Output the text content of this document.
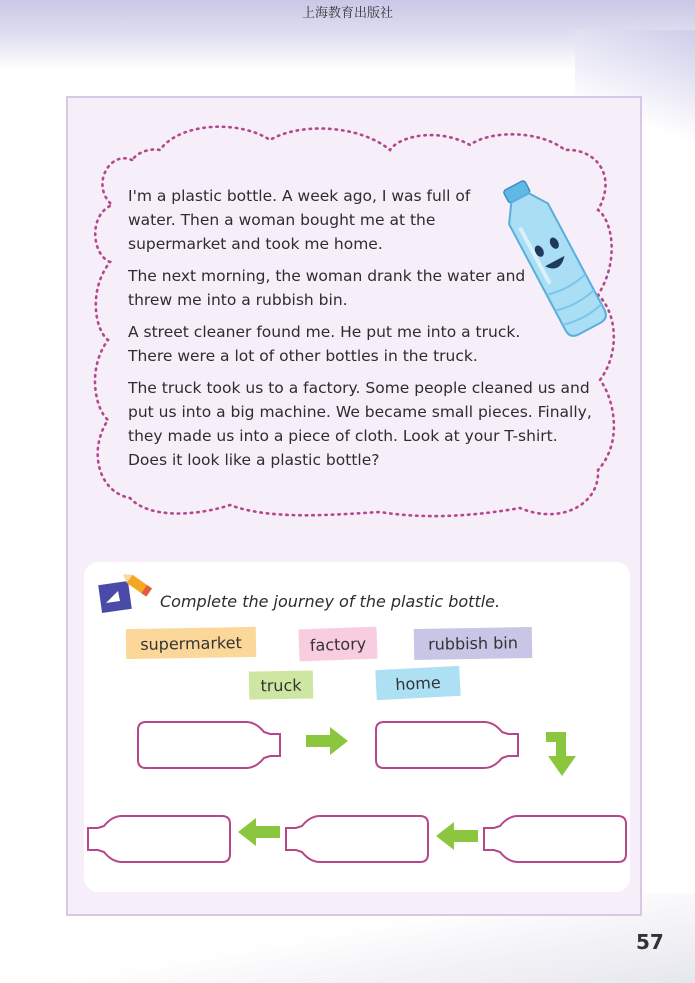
上海教育出版社

I'm a plastic bottle. A week ago, I was full of water. Then a woman bought me at the supermarket and took me home.

The next morning, the woman drank the water and threw me into a rubbish bin.

A street cleaner found me. He put me into a truck. There were a lot of other bottles in the truck.

The truck took us to a factory. Some people cleaned us and put us into a big machine. We became small pieces. Finally, they made us into a piece of cloth. Look at your T-shirt. Does it look like a plastic bottle?

Complete the journey of the plastic bottle.
supermarket	factory	rubbish bin
truck	home
57
